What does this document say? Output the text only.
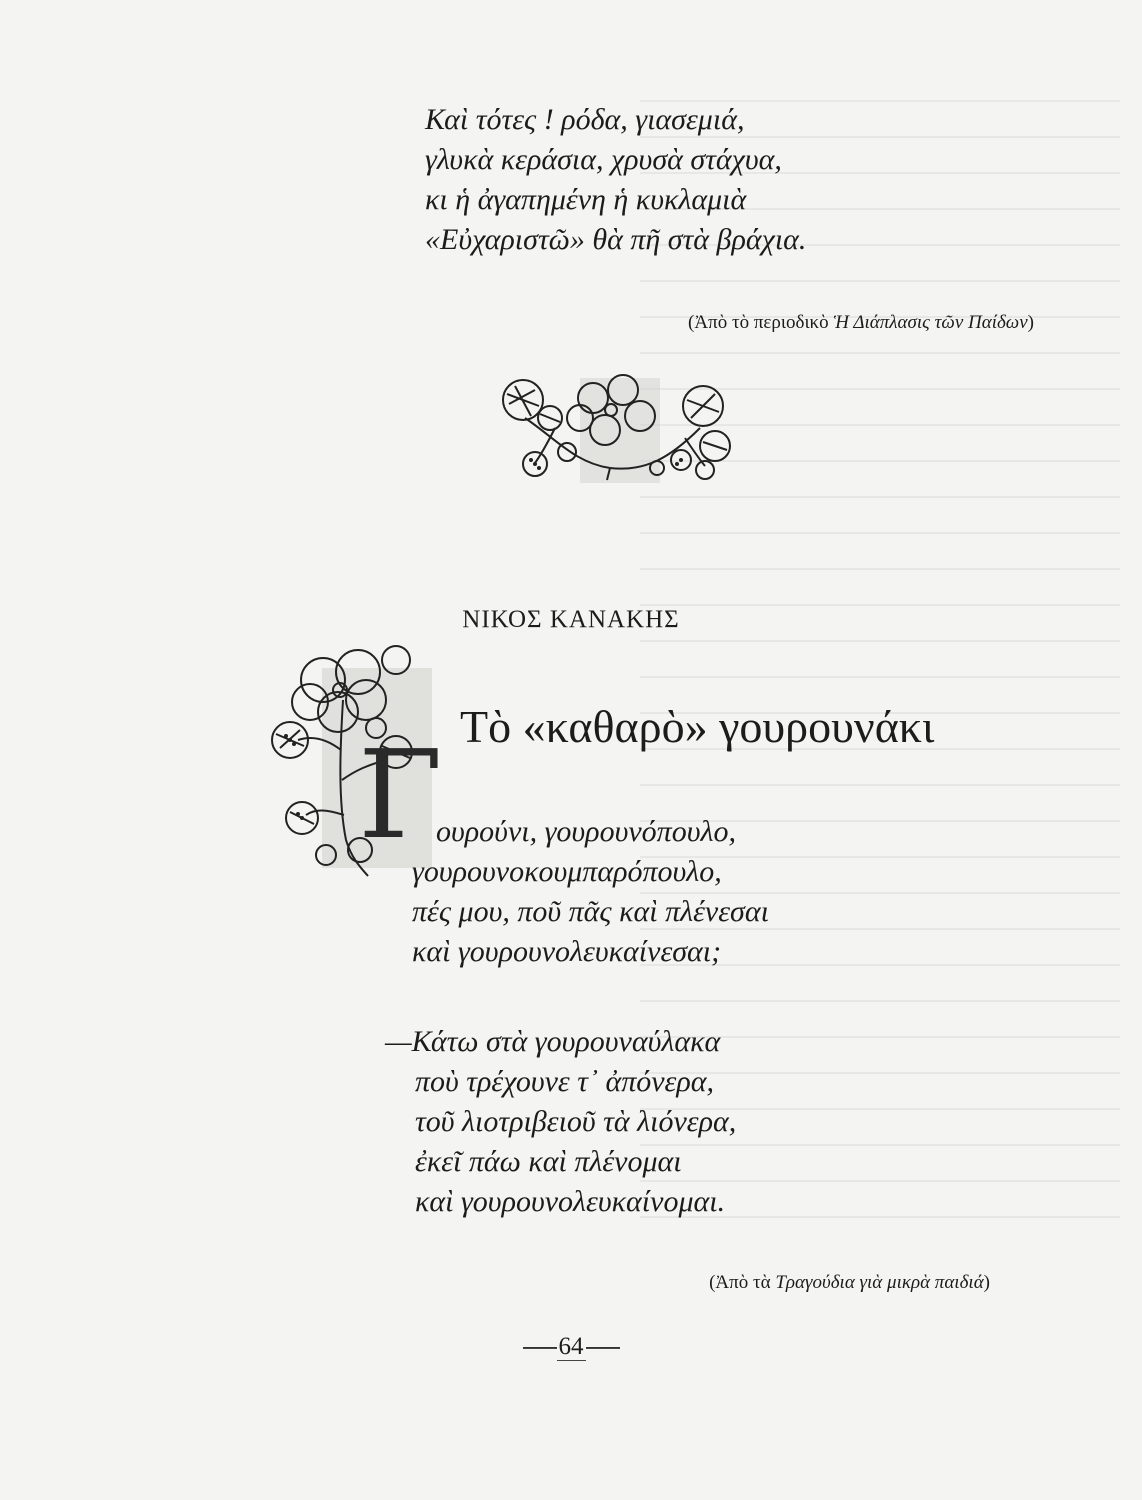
Καὶ τότες ! ρόδα, γιασεμιά,
γλυκὰ κεράσια, χρυσὰ στάχυα,
κι ἡ ἀγαπημένη ἡ κυκλαμιὰ
«Εὐχαριστῶ» θὰ πῆ στὰ βράχια.
(Ἀπὸ τὸ περιοδικὸ Ἡ Διάπλασις τῶν Παίδων)
ΝΙΚΟΣ ΚΑΝΑΚΗΣ
Γ Τὸ «καθαρὸ» γουρουνάκι
ουρούνι, γουρουνόπουλο,
γουρουνοκουμπαρόπουλο,
πές μου, ποῦ πᾶς καὶ πλένεσαι
καὶ γουρουνολευκαίνεσαι;
—Κάτω στὰ γουρουναύλακα
ποὺ τρέχουνε τ᾽ ἀπόνερα,
τοῦ λιοτριβειοῦ τὰ λιόνερα,
ἐκεῖ πάω καὶ πλένομαι
καὶ γουρουνολευκαίνομαι.
(Ἀπὸ τὰ Τραγούδια γιὰ μικρὰ παιδιά)
64
